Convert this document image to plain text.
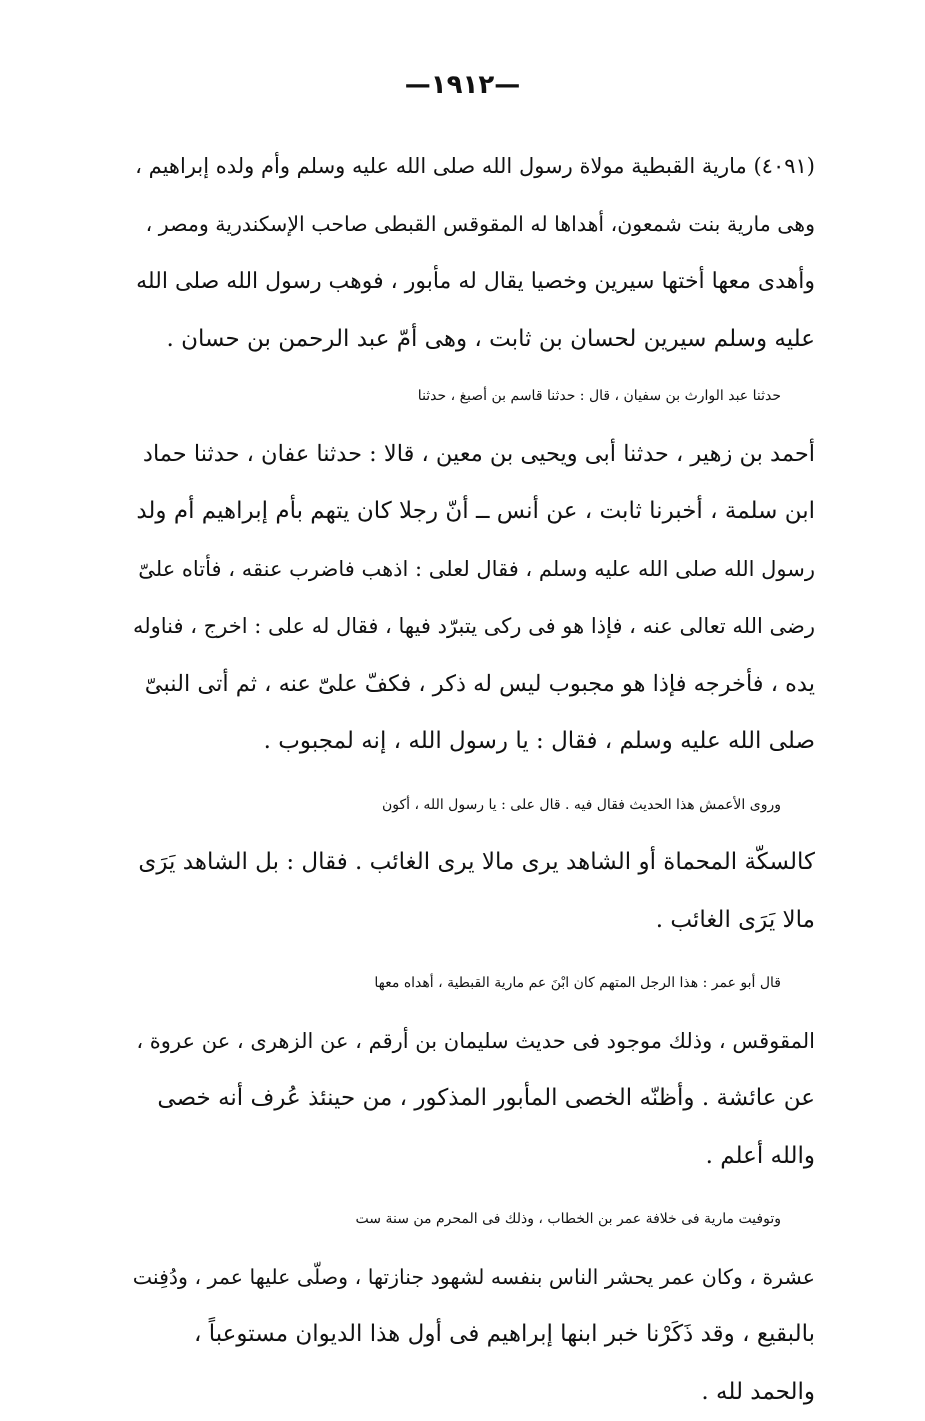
—١٩١٢—

(٤٠٩١) مارية القبطية مولاة رسول الله صلى الله عليه وسلم وأم ولده إبراهيم ،
وهى مارية بنت شمعون، أهداها له المقوقس القبطى صاحب الإسكندرية ومصر ،
وأهدى معها أختها سيرين وخصيا يقال له مأبور ، فوهب رسول الله صلى الله
عليه وسلم سيرين لحسان بن ثابت ، وهى أمّ عبد الرحمن بن حسان .

حدثنا عبد الوارث بن سفيان ، قال : حدثنا قاسم بن أصبغ ، حدثنا
أحمد بن زهير ، حدثنا أبى ويحيى بن معين ، قالا : حدثنا عفان ، حدثنا حماد
ابن سلمة ، أخبرنا ثابت ، عن أنس ــ أنّ رجلا كان يتهم بأم إبراهيم أم ولد
رسول الله صلى الله عليه وسلم ، فقال لعلى : اذهب فاضرب عنقه ، فأتاه علىّ
رضى الله تعالى عنه ، فإذا هو فى ركى يتبرّد فيها ، فقال له على : اخرج ، فناوله
يده ، فأخرجه فإذا هو مجبوب ليس له ذكر ، فكفّ علىّ عنه ، ثم أتى النبىّ
صلى الله عليه وسلم ، فقال : يا رسول الله ، إنه لمجبوب .

وروى الأعمش هذا الحديث فقال فيه . قال على : يا رسول الله ، أكون
كالسكّة المحماة أو الشاهد يرى مالا يرى الغائب . فقال : بل الشاهد يَرَى
مالا يَرَى الغائب .

قال أبو عمر : هذا الرجل المتهم كان ابْنَ عم مارية القبطية ، أهداه معها
المقوقس ، وذلك موجود فى حديث سليمان بن أرقم ، عن الزهرى ، عن عروة ،
عن عائشة . وأظنّه الخصى المأبور المذكور ، من حينئذ عُرف أنه خصى
والله أعلم .

وتوفيت مارية فى خلافة عمر بن الخطاب ، وذلك فى المحرم من سنة ست
عشرة ، وكان عمر يحشر الناس بنفسه لشهود جنازتها ، وصلّى عليها عمر ، ودُفِنت
بالبقيع ، وقد ذَكَرْنا خبر ابنها إبراهيم فى أول هذا الديوان مستوعباً ،
والحمد لله .
